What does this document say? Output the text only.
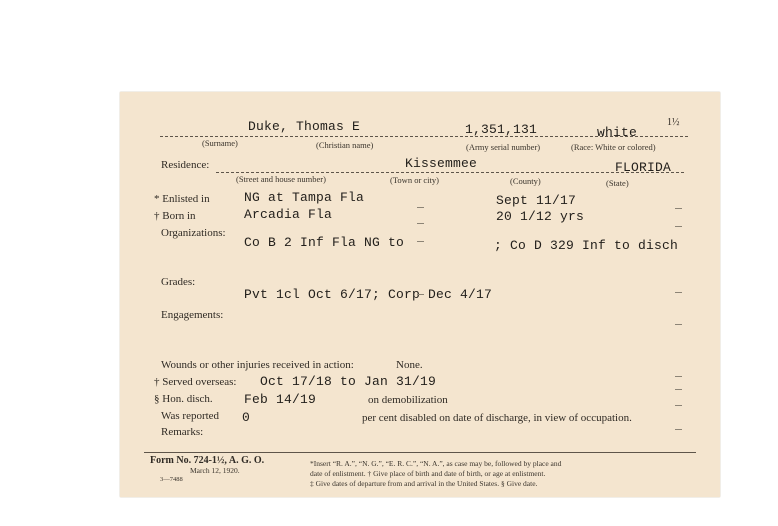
1½
Duke, Thomas E	1,351,131	white
(Surname)	(Christian name)	(Army serial number)	(Race: White or colored)
Residence:	Kissemmee	FLORIDA
(Street and house number)	(Town or city)	(County)	(State)
* Enlisted in	NG at Tampa Fla	Sept 11/17
† Born in	Arcadia Fla	20 1/12 yrs
Organizations:
Co B 2 Inf Fla NG to	; Co D 329 Inf to disch
Grades:
Pvt 1cl Oct 6/17; Corp Dec 4/17
Engagements:
Wounds or other injuries received in action:	None.
† Served overseas: Oct 17/18 to Jan 31/19
§ Hon. disch. Feb 14/19	on demobilization
Was reported 0	per cent disabled on date of discharge, in view of occupation.
Remarks:
Form No. 724-1½, A. G. O.
March 12, 1920.
3—7488
*Insert “R. A.”, “N. G.”, “E. R. C.”, “N. A.”, as case may be, followed by place and
date of enlistment. † Give place of birth and date of birth, or age at enlistment.
‡ Give dates of departure from and arrival in the United States. § Give date.
